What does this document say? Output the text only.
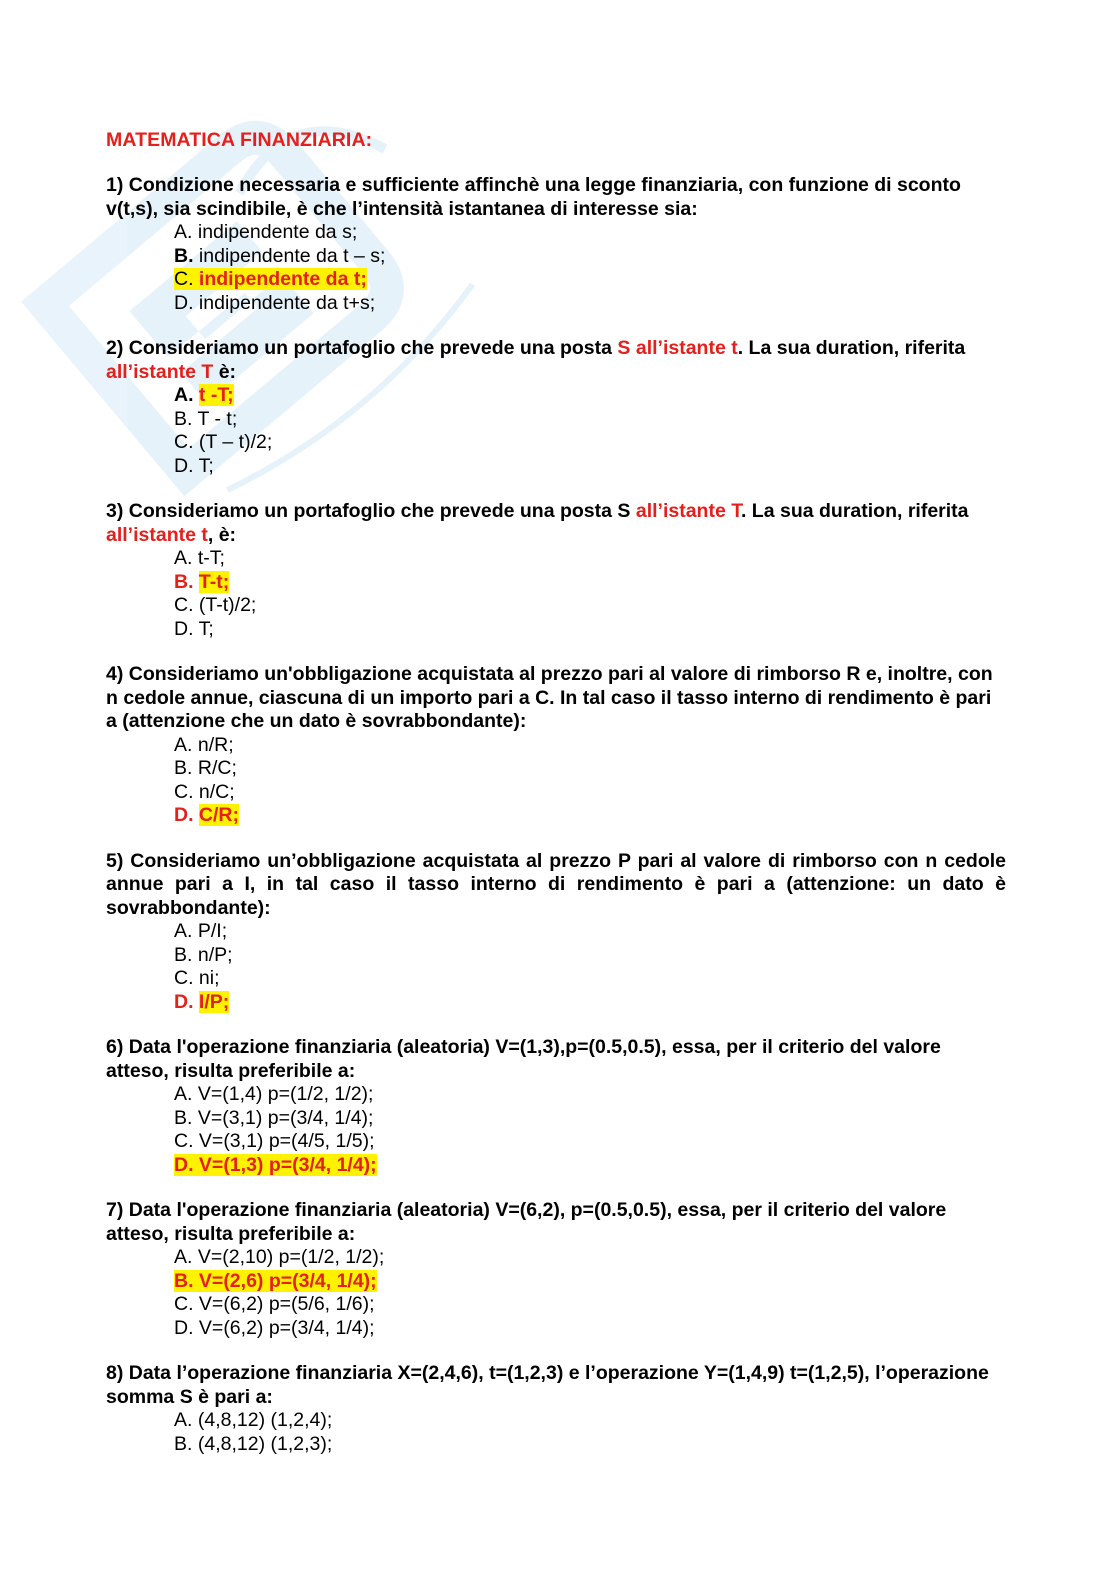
MATEMATICA FINANZIARIA:

1) Condizione necessaria e sufficiente affinchè una legge finanziaria, con funzione di sconto v(t,s), sia scindibile, è che l’intensità istantanea di interesse sia:

A. indipendente da s;
B. indipendente da t – s;
C. indipendente da t;
D. indipendente da t+s;

2) Consideriamo un portafoglio che prevede una posta S all’istante t. La sua duration, riferita all’istante T è:

A. t -T;
B. T - t;
C. (T – t)/2;
D. T;

3) Consideriamo un portafoglio che prevede una posta S all’istante T. La sua duration, riferita all’istante t, è:

A. t-T;
B. T-t;
C. (T-t)/2;
D. T;

4) Consideriamo un'obbligazione acquistata al prezzo pari al valore di rimborso R e, inoltre, con n cedole annue, ciascuna di un importo pari a C. In tal caso il tasso interno di rendimento è pari a (attenzione che un dato è sovrabbondante):

A. n/R;
B. R/C;
C. n/C;
D. C/R;

5) Consideriamo un’obbligazione acquistata al prezzo P pari al valore di rimborso con n cedole annue pari a I, in tal caso il tasso interno di rendimento è pari a (attenzione: un dato è sovrabbondante):

A. P/I;
B. n/P;
C. ni;
D. I/P;

6) Data l'operazione finanziaria (aleatoria) V=(1,3),p=(0.5,0.5), essa, per il criterio del valore atteso, risulta preferibile a:

A. V=(1,4) p=(1/2, 1/2);
B. V=(3,1) p=(3/4, 1/4);
C. V=(3,1) p=(4/5, 1/5);
D. V=(1,3) p=(3/4, 1/4);

7) Data l'operazione finanziaria (aleatoria) V=(6,2), p=(0.5,0.5), essa, per il criterio del valore atteso, risulta preferibile a:

A. V=(2,10) p=(1/2, 1/2);
B. V=(2,6) p=(3/4, 1/4);
C. V=(6,2) p=(5/6, 1/6);
D. V=(6,2) p=(3/4, 1/4);

8) Data l’operazione finanziaria X=(2,4,6), t=(1,2,3) e l’operazione Y=(1,4,9) t=(1,2,5), l’operazione somma S è pari a:

A. (4,8,12) (1,2,4);
B. (4,8,12) (1,2,3);
